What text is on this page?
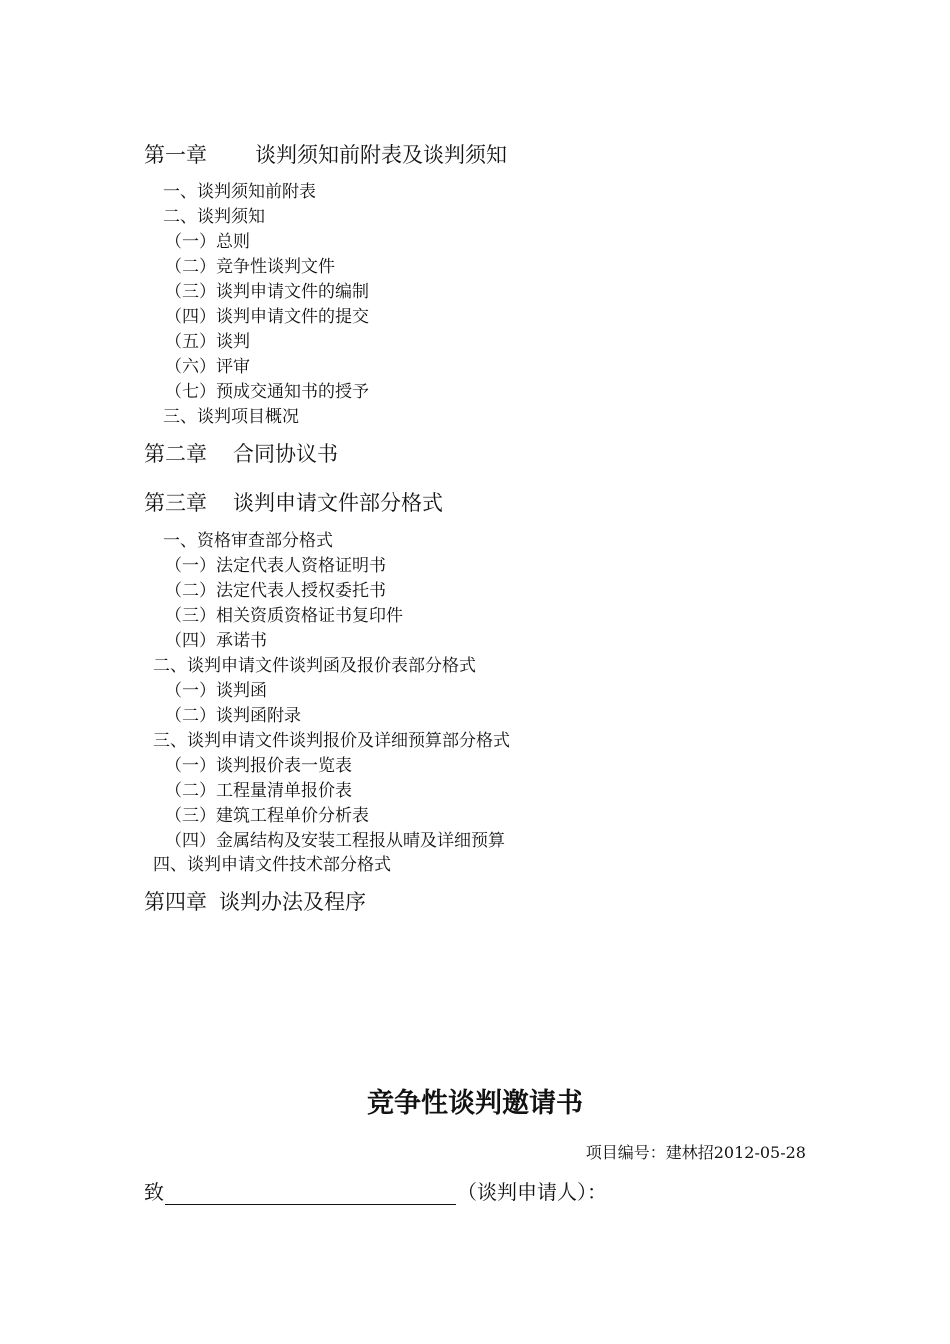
第一章 谈判须知前附表及谈判须知
一、谈判须知前附表
二、谈判须知
（一）总则
（二）竞争性谈判文件
（三）谈判申请文件的编制
（四）谈判申请文件的提交
（五）谈判
（六）评审
（七）预成交通知书的授予
三、谈判项目概况
第二章 合同协议书
第三章 谈判申请文件部分格式
一、资格审查部分格式
（一）法定代表人资格证明书
（二）法定代表人授权委托书
（三）相关资质资格证书复印件
（四）承诺书
二、谈判申请文件谈判函及报价表部分格式
（一）谈判函
（二）谈判函附录
三、谈判申请文件谈判报价及详细预算部分格式
（一）谈判报价表一览表
（二）工程量清单报价表
（三）建筑工程单价分析表
（四）金属结构及安装工程报从晴及详细预算
四、谈判申请文件技术部分格式
第四章 谈判办法及程序
竞争性谈判邀请书
项目编号：建林招2012-05-28
致	（谈判申请人）：
